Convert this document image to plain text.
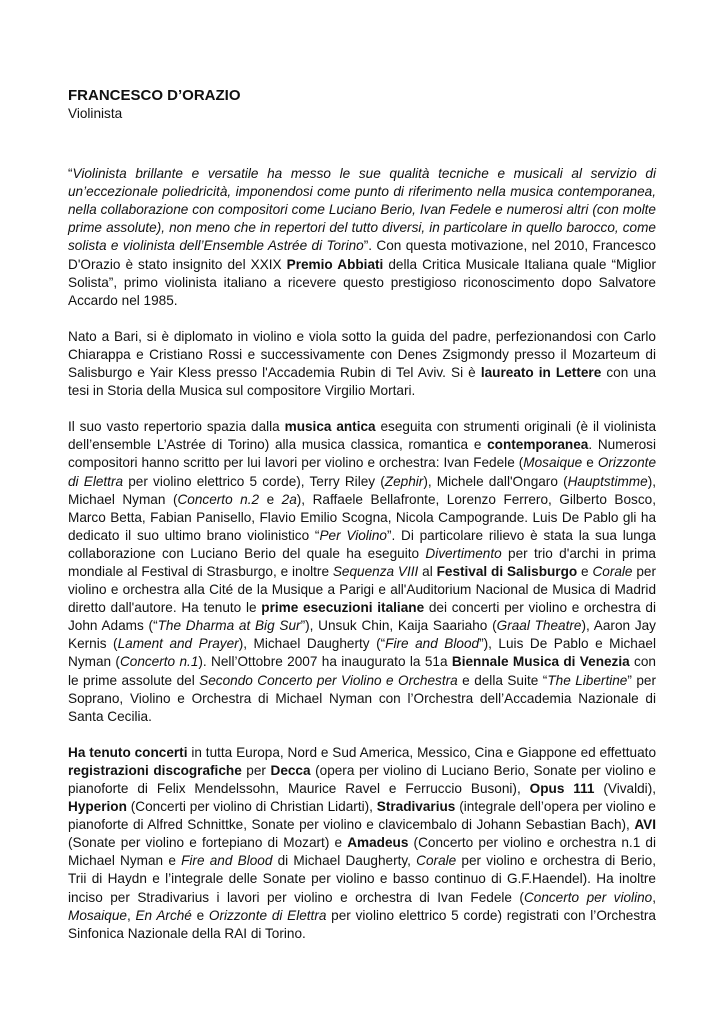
FRANCESCO D’ORAZIO
Violinista

“Violinista brillante e versatile ha messo le sue qualità tecniche e musicali al servizio di un’eccezionale poliedricità, imponendosi come punto di riferimento nella musica contemporanea, nella collaborazione con compositori come Luciano Berio, Ivan Fedele e numerosi altri (con molte prime assolute), non meno che in repertori del tutto diversi, in particolare in quello barocco, come solista e violinista dell’Ensemble Astrée di Torino”. Con questa motivazione, nel 2010, Francesco D'Orazio è stato insignito del XXIX Premio Abbiati della Critica Musicale Italiana quale “Miglior Solista”, primo violinista italiano a ricevere questo prestigioso riconoscimento dopo Salvatore Accardo nel 1985.

Nato a Bari, si è diplomato in violino e viola sotto la guida del padre, perfezionandosi con Carlo Chiarappa e Cristiano Rossi e successivamente con Denes Zsigmondy presso il Mozarteum di Salisburgo e Yair Kless presso l'Accademia Rubin di Tel Aviv. Si è laureato in Lettere con una tesi in Storia della Musica sul compositore Virgilio Mortari.

Il suo vasto repertorio spazia dalla musica antica eseguita con strumenti originali (è il violinista dell’ensemble L’Astrée di Torino) alla musica classica, romantica e contemporanea. Numerosi compositori hanno scritto per lui lavori per violino e orchestra: Ivan Fedele (Mosaique e Orizzonte di Elettra per violino elettrico 5 corde), Terry Riley (Zephir), Michele dall'Ongaro (Hauptstimme), Michael Nyman (Concerto n.2 e 2a), Raffaele Bellafronte, Lorenzo Ferrero, Gilberto Bosco, Marco Betta, Fabian Panisello, Flavio Emilio Scogna, Nicola Campogrande. Luis De Pablo gli ha dedicato il suo ultimo brano violinistico “Per Violino”. Di particolare rilievo è stata la sua lunga collaborazione con Luciano Berio del quale ha eseguito Divertimento per trio d'archi in prima mondiale al Festival di Strasburgo, e inoltre Sequenza VIII al Festival di Salisburgo e Corale per violino e orchestra alla Cité de la Musique a Parigi e all'Auditorium Nacional de Musica di Madrid diretto dall'autore. Ha tenuto le prime esecuzioni italiane dei concerti per violino e orchestra di John Adams (“The Dharma at Big Sur”), Unsuk Chin, Kaija Saariaho (Graal Theatre), Aaron Jay Kernis (Lament and Prayer), Michael Daugherty (“Fire and Blood”), Luis De Pablo e Michael Nyman (Concerto n.1). Nell’Ottobre 2007 ha inaugurato la 51a Biennale Musica di Venezia con le prime assolute del Secondo Concerto per Violino e Orchestra e della Suite “The Libertine” per Soprano, Violino e Orchestra di Michael Nyman con l’Orchestra dell’Accademia Nazionale di Santa Cecilia.

Ha tenuto concerti in tutta Europa, Nord e Sud America, Messico, Cina e Giappone ed effettuato registrazioni discografiche per Decca (opera per violino di Luciano Berio, Sonate per violino e pianoforte di Felix Mendelssohn, Maurice Ravel e Ferruccio Busoni), Opus 111 (Vivaldi), Hyperion (Concerti per violino di Christian Lidarti), Stradivarius (integrale dell’opera per violino e pianoforte di Alfred Schnittke, Sonate per violino e clavicembalo di Johann Sebastian Bach), AVI (Sonate per violino e fortepiano di Mozart) e Amadeus (Concerto per violino e orchestra n.1 di Michael Nyman e Fire and Blood di Michael Daugherty, Corale per violino e orchestra di Berio, Trii di Haydn e l’integrale delle Sonate per violino e basso continuo di G.F.Haendel). Ha inoltre inciso per Stradivarius i lavori per violino e orchestra di Ivan Fedele (Concerto per violino, Mosaique, En Arché e Orizzonte di Elettra per violino elettrico 5 corde) registrati con l’Orchestra Sinfonica Nazionale della RAI di Torino.
